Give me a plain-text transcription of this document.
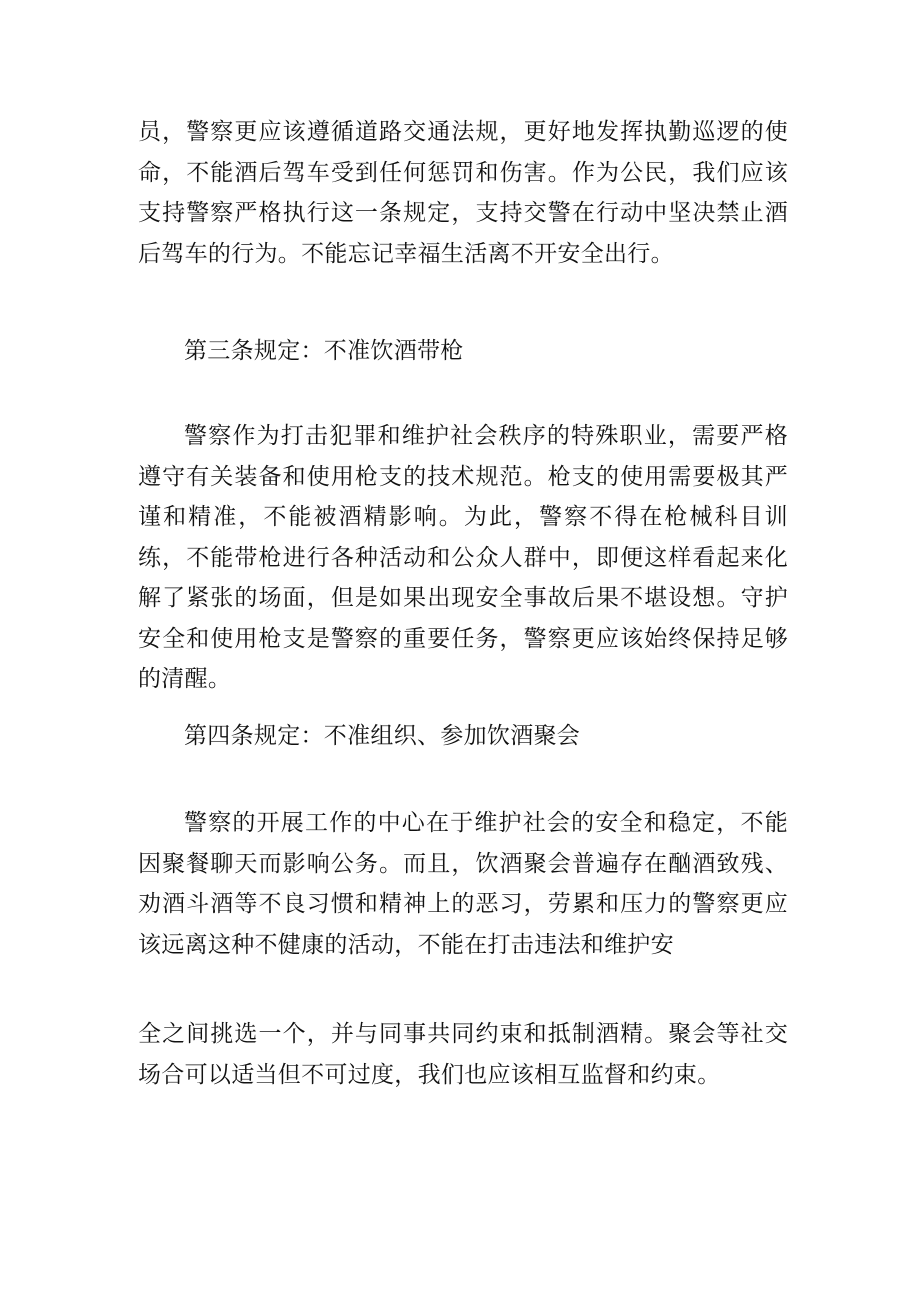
员，警察更应该遵循道路交通法规，更好地发挥执勤巡逻的使命，不能酒后驾车受到任何惩罚和伤害。作为公民，我们应该支持警察严格执行这一条规定，支持交警在行动中坚决禁止酒后驾车的行为。不能忘记幸福生活离不开安全出行。

第三条规定：不准饮酒带枪

警察作为打击犯罪和维护社会秩序的特殊职业，需要严格遵守有关装备和使用枪支的技术规范。枪支的使用需要极其严谨和精准，不能被酒精影响。为此，警察不得在枪械科目训练，不能带枪进行各种活动和公众人群中，即便这样看起来化解了紧张的场面，但是如果出现安全事故后果不堪设想。守护安全和使用枪支是警察的重要任务，警察更应该始终保持足够的清醒。

第四条规定：不准组织、参加饮酒聚会

警察的开展工作的中心在于维护社会的安全和稳定，不能因聚餐聊天而影响公务。而且，饮酒聚会普遍存在酗酒致残、劝酒斗酒等不良习惯和精神上的恶习，劳累和压力的警察更应该远离这种不健康的活动，不能在打击违法和维护安

全之间挑选一个，并与同事共同约束和抵制酒精。聚会等社交场合可以适当但不可过度，我们也应该相互监督和约束。
